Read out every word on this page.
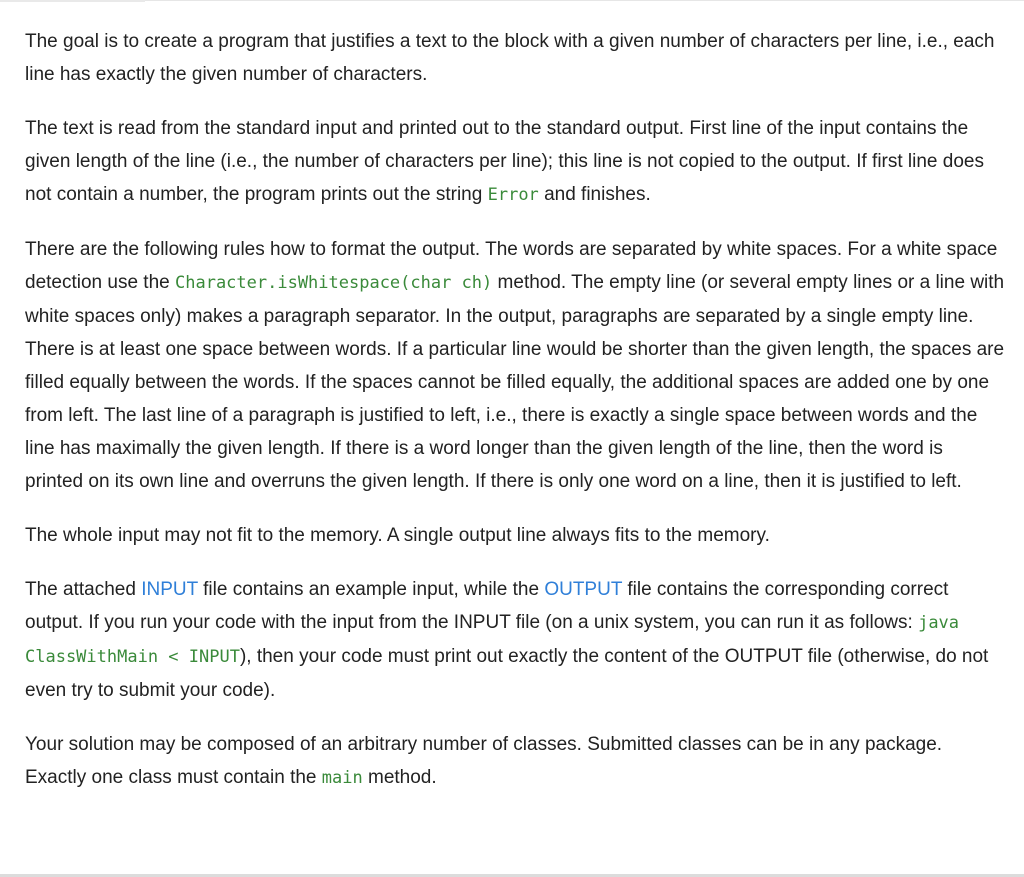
The goal is to create a program that justifies a text to the block with a given number of characters per line, i.e., each line has exactly the given number of characters.

The text is read from the standard input and printed out to the standard output. First line of the input contains the given length of the line (i.e., the number of characters per line); this line is not copied to the output. If first line does not contain a number, the program prints out the string Error and finishes.

There are the following rules how to format the output. The words are separated by white spaces. For a white space detection use the Character.isWhitespace(char ch) method. The empty line (or several empty lines or a line with white spaces only) makes a paragraph separator. In the output, paragraphs are separated by a single empty line. There is at least one space between words. If a particular line would be shorter than the given length, the spaces are filled equally between the words. If the spaces cannot be filled equally, the additional spaces are added one by one from left. The last line of a paragraph is justified to left, i.e., there is exactly a single space between words and the line has maximally the given length. If there is a word longer than the given length of the line, then the word is printed on its own line and overruns the given length. If there is only one word on a line, then it is justified to left.

The whole input may not fit to the memory. A single output line always fits to the memory.

The attached INPUT file contains an example input, while the OUTPUT file contains the corresponding correct output. If you run your code with the input from the INPUT file (on a unix system, you can run it as follows: java ClassWithMain < INPUT), then your code must print out exactly the content of the OUTPUT file (otherwise, do not even try to submit your code).

Your solution may be composed of an arbitrary number of classes. Submitted classes can be in any package. Exactly one class must contain the main method.
